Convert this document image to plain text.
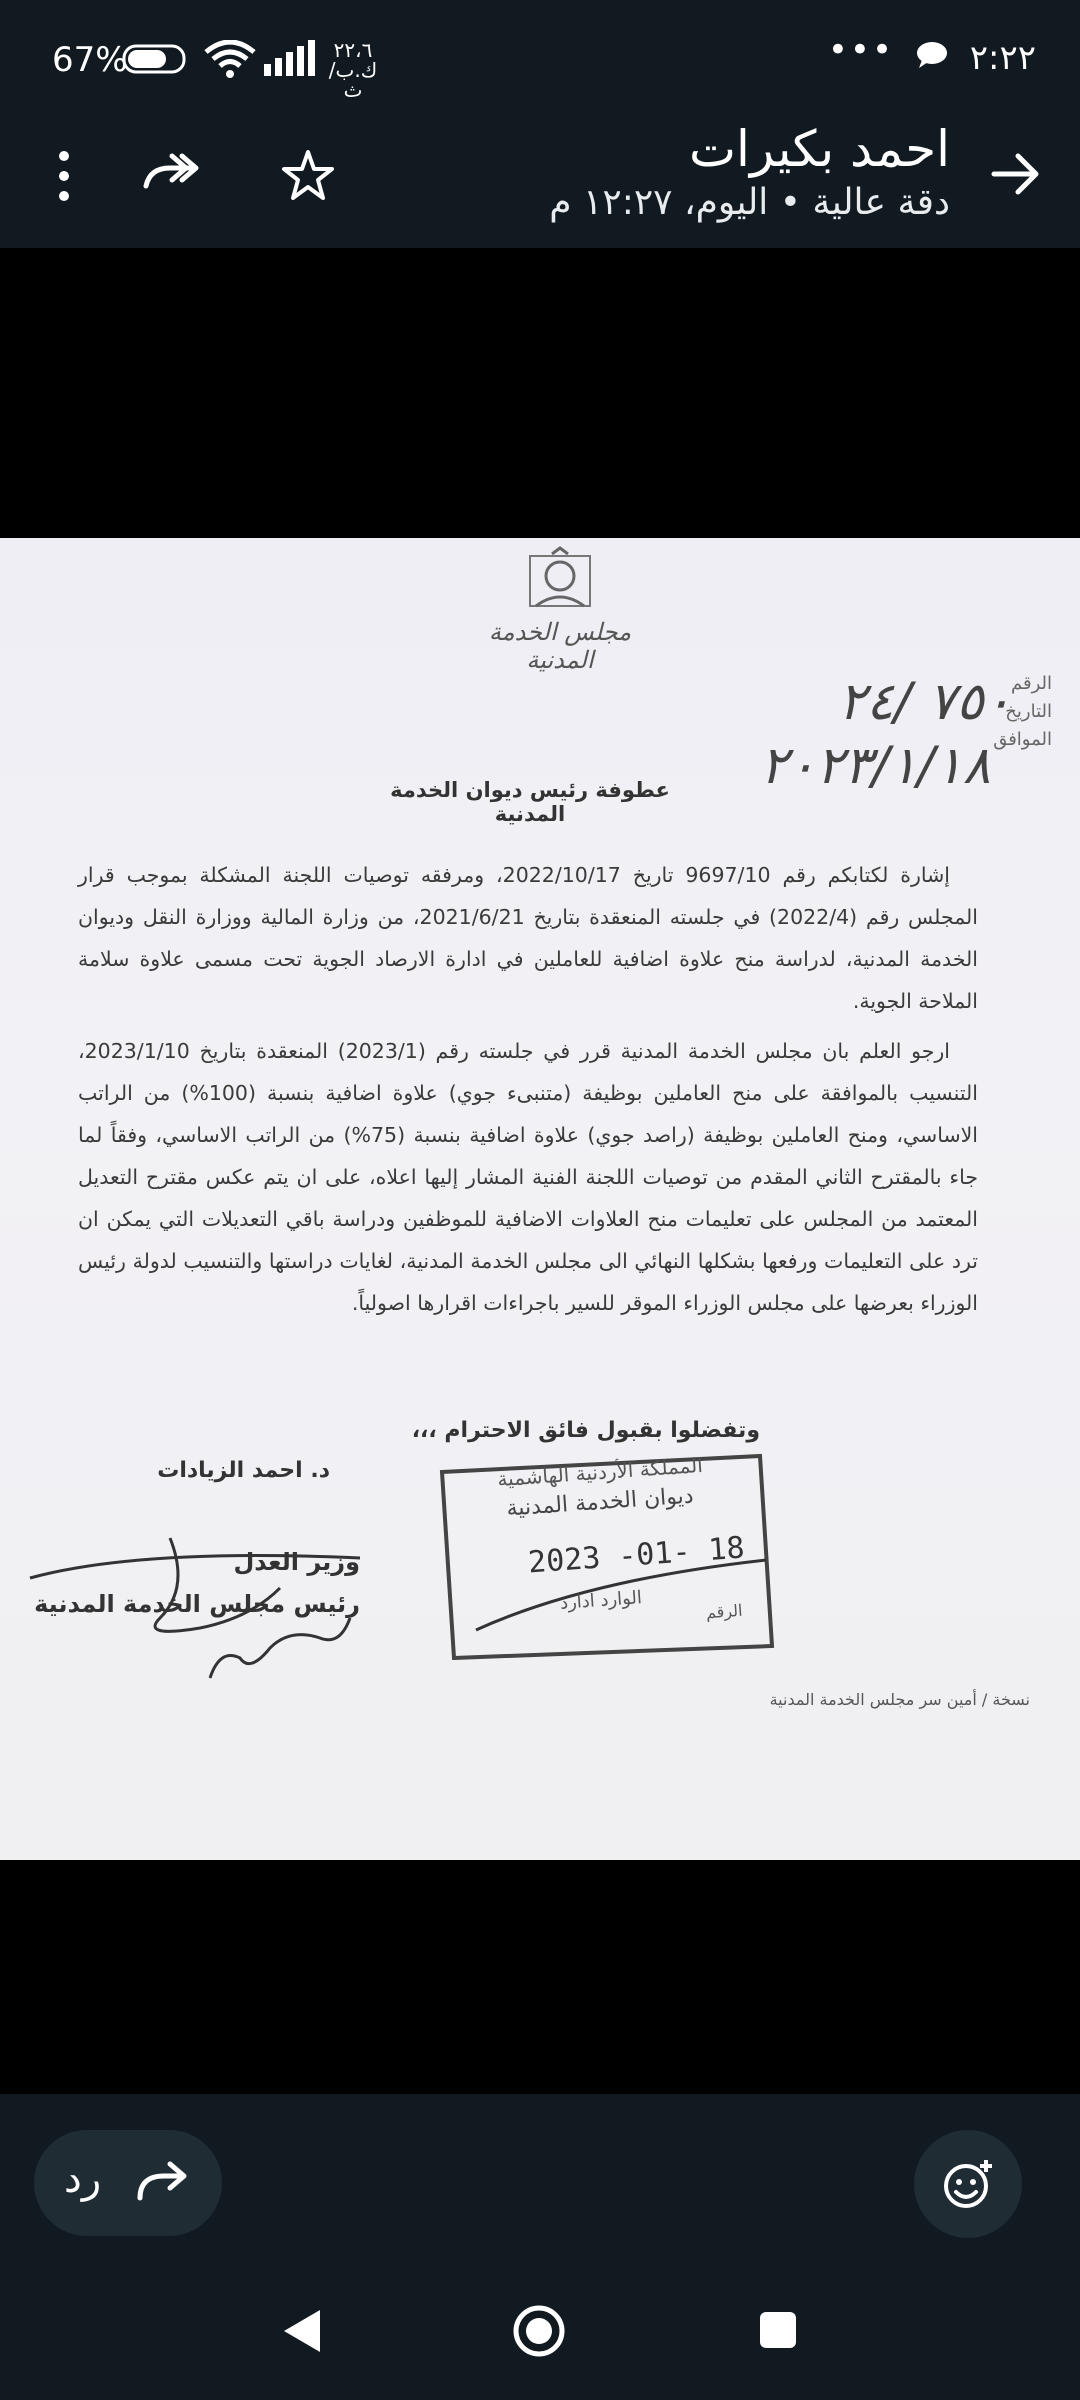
٢:٢٢
•••
٢٢،٦
ك.ب/ث
67%
احمد بكيرات
دقة عالية • اليوم، ١٢:٢٧ م
مجلس الخدمة المدنية
الرقم
التاريخ
الموافق
٧٥٠ /٢٤
٢٠٢٣/١/١٨
عطوفة رئيس ديوان الخدمة المدنية

إشارة لكتابكم رقم 9697/10 تاريخ 2022/10/17، ومرفقه توصيات اللجنة المشكلة بموجب قرار المجلس رقم (2022/4) في جلسته المنعقدة بتاريخ 2021/6/21، من وزارة المالية ووزارة النقل وديوان الخدمة المدنية، لدراسة منح علاوة اضافية للعاملين في ادارة الارصاد الجوية تحت مسمى علاوة سلامة الملاحة الجوية.

ارجو العلم بان مجلس الخدمة المدنية قرر في جلسته رقم (2023/1) المنعقدة بتاريخ 2023/1/10، التنسيب بالموافقة على منح العاملين بوظيفة (متنبىء جوي) علاوة اضافية بنسبة (100%) من الراتب الاساسي، ومنح العاملين بوظيفة (راصد جوي) علاوة اضافية بنسبة (75%) من الراتب الاساسي، وفقاً لما جاء بالمقترح الثاني المقدم من توصيات اللجنة الفنية المشار إليها اعلاه، على ان يتم عكس مقترح التعديل المعتمد من المجلس على تعليمات منح العلاوات الاضافية للموظفين ودراسة باقي التعديلات التي يمكن ان ترد على التعليمات ورفعها بشكلها النهائي الى مجلس الخدمة المدنية، لغايات دراستها والتنسيب لدولة رئيس الوزراء بعرضها على مجلس الوزراء الموقر للسير باجراءات اقرارها اصولياً.

وتفضلوا بقبول فائق الاحترام ،،،
د. احمد الزيادات
وزير العدل
رئيس مجلس الخدمة المدنية
المملكة الأردنية الهاشمية
ديوان الخدمة المدنية
2023 -01- 18
الوارد ادارد	الرقم
نسخة / أمين سر مجلس الخدمة المدنية
رد
